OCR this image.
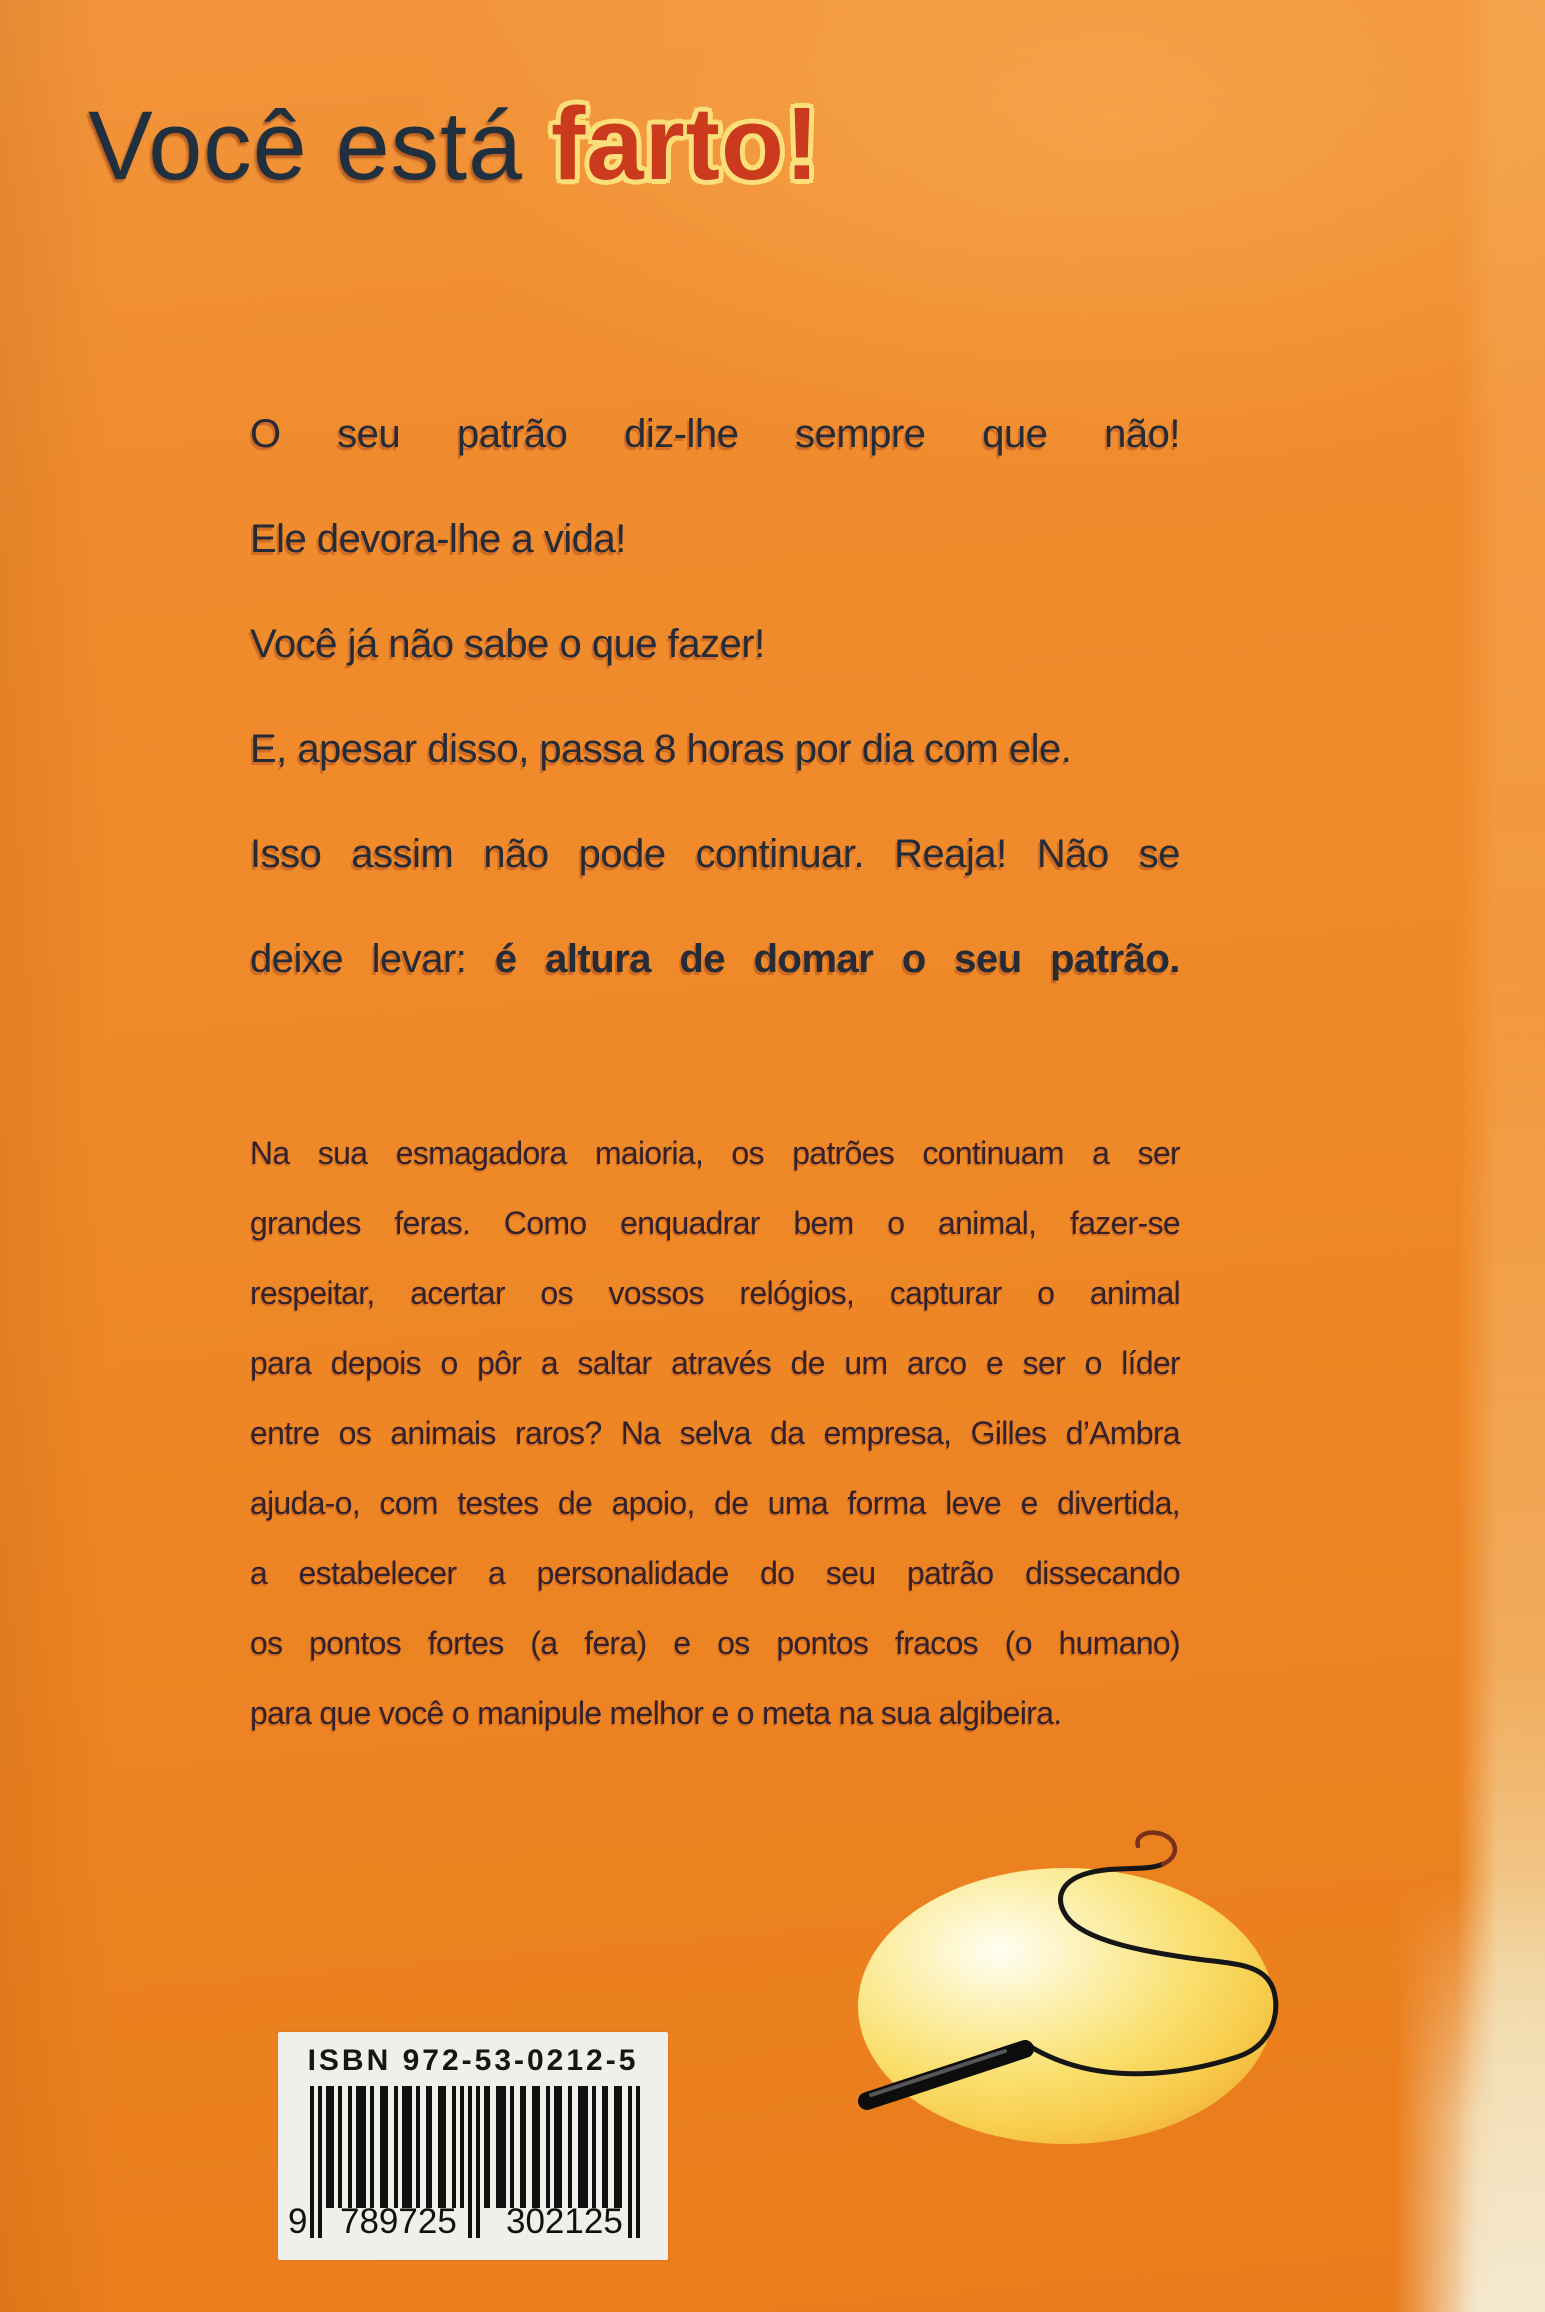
Você está farto!
O seu patrão diz-lhe sempre que não!
Ele devora-lhe a vida!
Você já não sabe o que fazer!
E, apesar disso, passa 8 horas por dia com ele.
Isso assim não pode continuar. Reaja! Não se
deixe levar: é altura de domar o seu patrão.
Na sua esmagadora maioria, os patrões continuam a ser
grandes feras. Como enquadrar bem o animal, fazer-se
respeitar, acertar os vossos relógios, capturar o animal
para depois o pôr a saltar através de um arco e ser o líder
entre os animais raros? Na selva da empresa, Gilles d’Ambra
ajuda-o, com testes de apoio, de uma forma leve e divertida,
a estabelecer a personalidade do seu patrão dissecando
os pontos fortes (a fera) e os pontos fracos (o humano)
para que você o manipule melhor e o meta na sua algibeira.
ISBN 972-53-0212-5
9 789725 302125
